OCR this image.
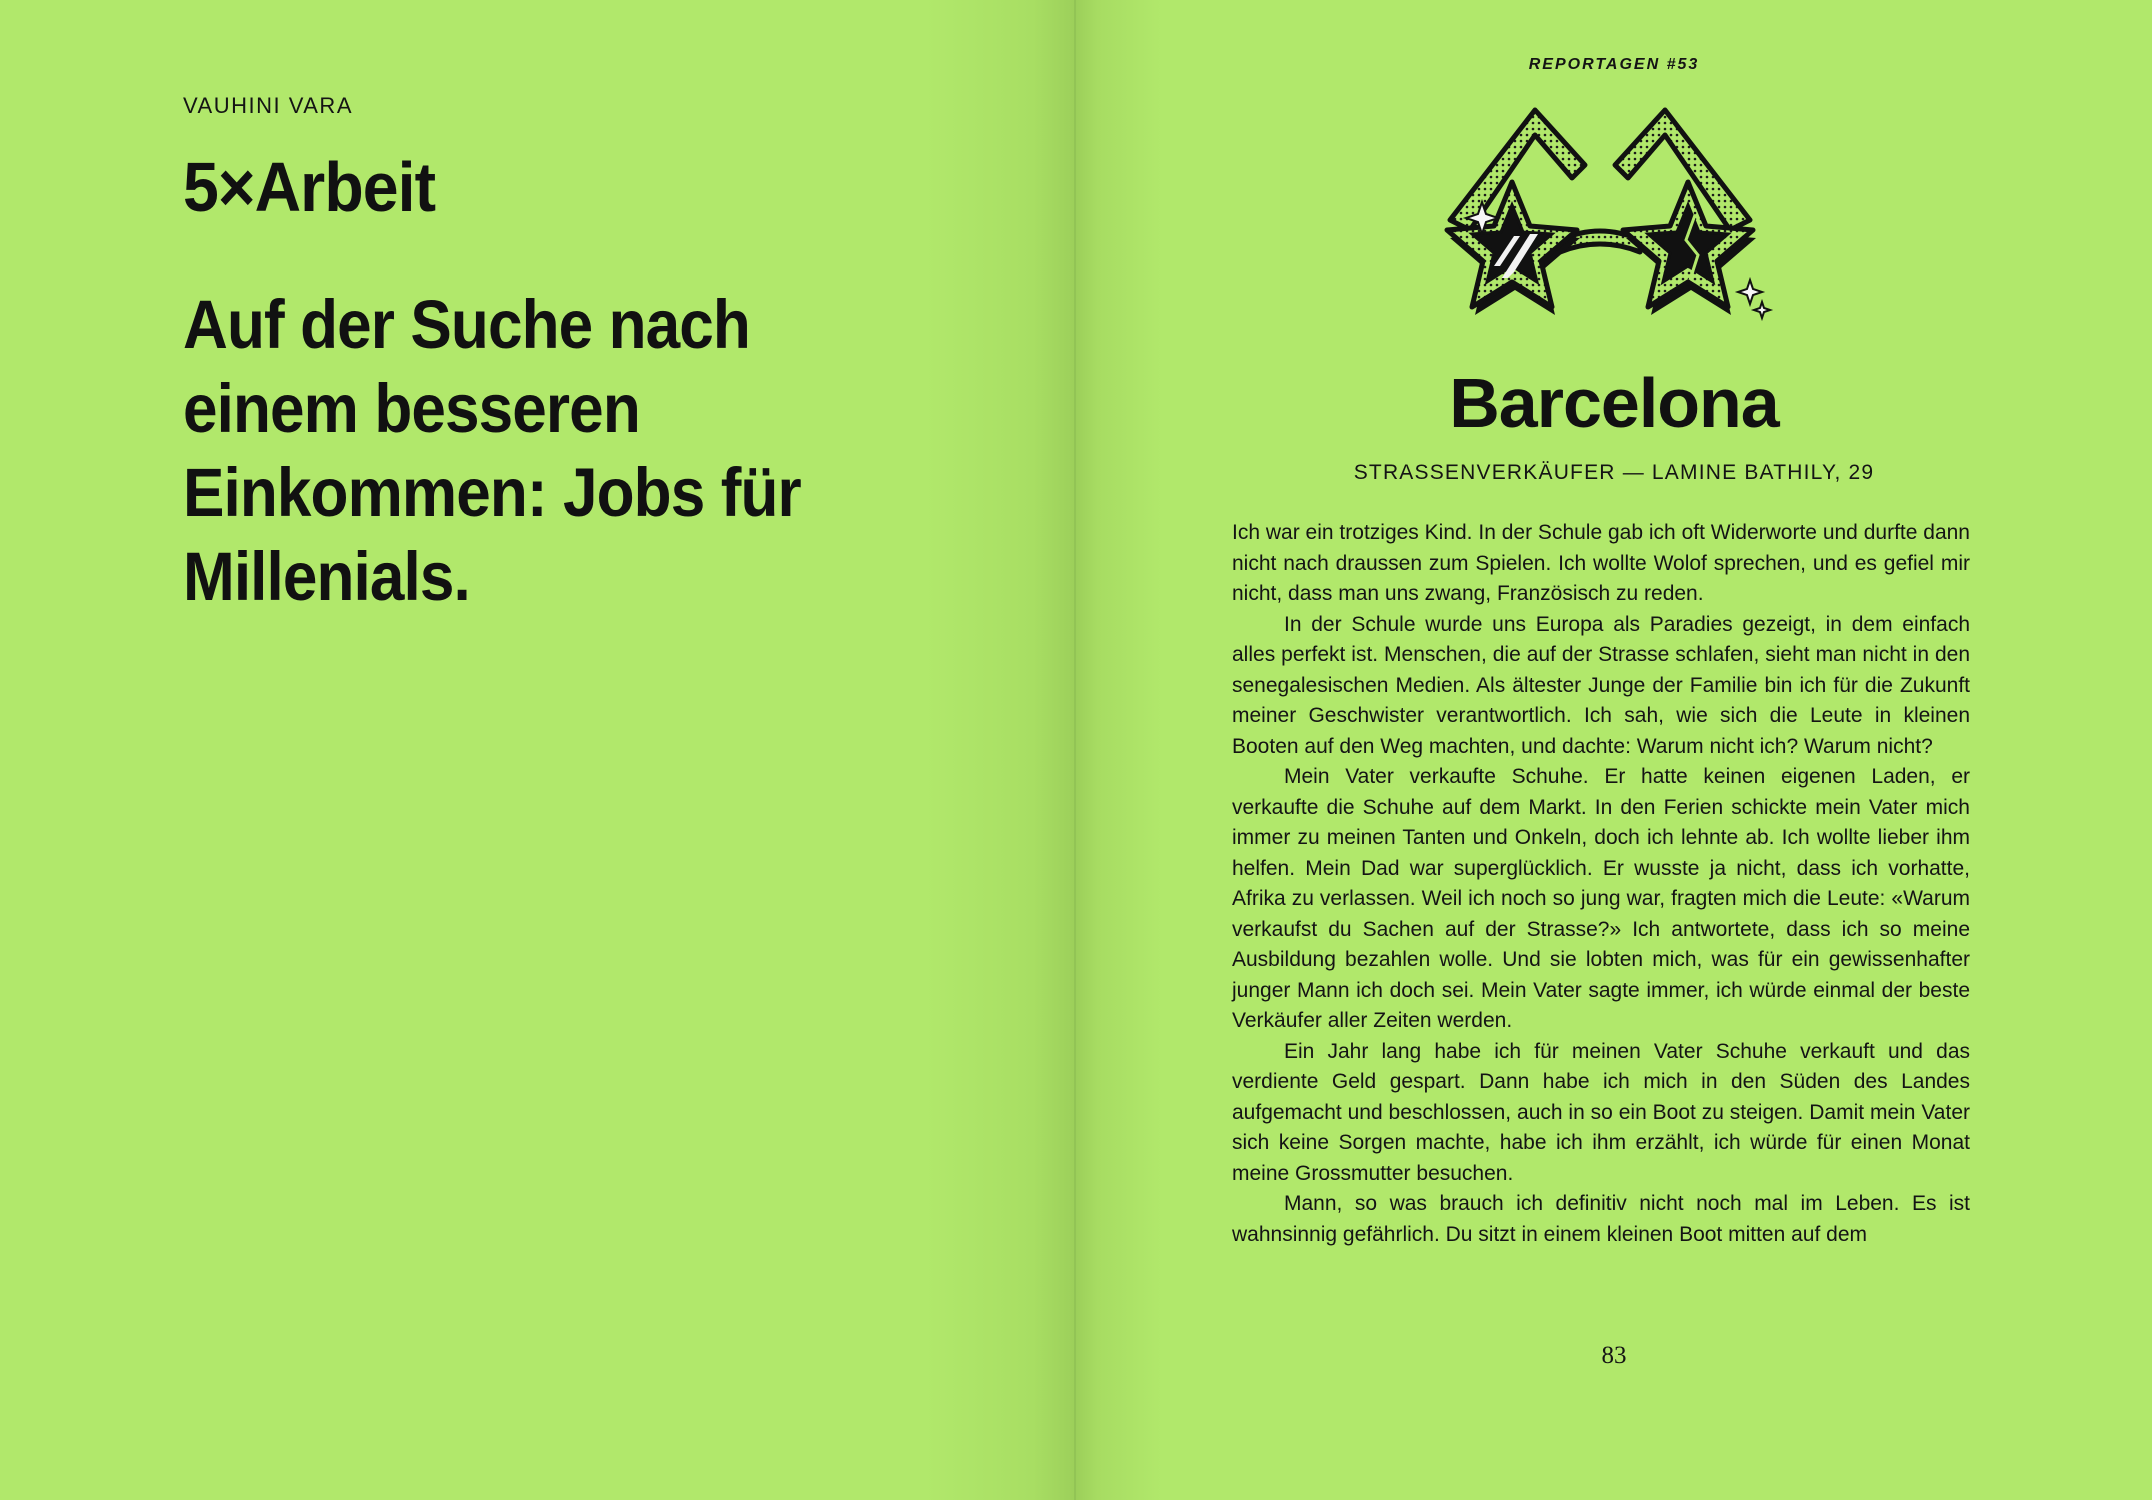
VAUHINI VARA
5×Arbeit
Auf der Suche nach einem besseren Einkommen: Jobs für Millenials.
REPORTAGEN #53
Barcelona
STRASSENVERKÄUFER — LAMINE BATHILY, 29

Ich war ein trotziges Kind. In der Schule gab ich oft Widerworte und durfte dann nicht nach draussen zum Spielen. Ich wollte Wolof sprechen, und es gefiel mir nicht, dass man uns zwang, Französisch zu reden.

In der Schule wurde uns Europa als Paradies gezeigt, in dem einfach alles perfekt ist. Menschen, die auf der Strasse schlafen, sieht man nicht in den senegalesischen Medien. Als ältester Junge der Familie bin ich für die Zukunft meiner Geschwister verantwortlich. Ich sah, wie sich die Leute in kleinen Booten auf den Weg machten, und dachte: Warum nicht ich? Warum nicht?

Mein Vater verkaufte Schuhe. Er hatte keinen eigenen Laden, er verkaufte die Schuhe auf dem Markt. In den Ferien schickte mein Vater mich immer zu meinen Tanten und Onkeln, doch ich lehnte ab. Ich wollte lieber ihm helfen. Mein Dad war superglücklich. Er wusste ja nicht, dass ich vorhatte, Afrika zu verlassen. Weil ich noch so jung war, fragten mich die Leute: «Warum verkaufst du Sachen auf der Strasse?» Ich antwortete, dass ich so meine Ausbildung bezahlen wolle. Und sie lobten mich, was für ein gewissenhafter junger Mann ich doch sei. Mein Vater sagte immer, ich würde einmal der beste Verkäufer aller Zeiten werden.

Ein Jahr lang habe ich für meinen Vater Schuhe verkauft und das verdiente Geld gespart. Dann habe ich mich in den Süden des Landes aufgemacht und beschlossen, auch in so ein Boot zu steigen. Damit mein Vater sich keine Sorgen machte, habe ich ihm erzählt, ich würde für einen Monat meine Grossmutter besuchen.

Mann, so was brauch ich definitiv nicht noch mal im Leben. Es ist wahnsinnig gefährlich. Du sitzt in einem kleinen Boot mitten auf dem

83
